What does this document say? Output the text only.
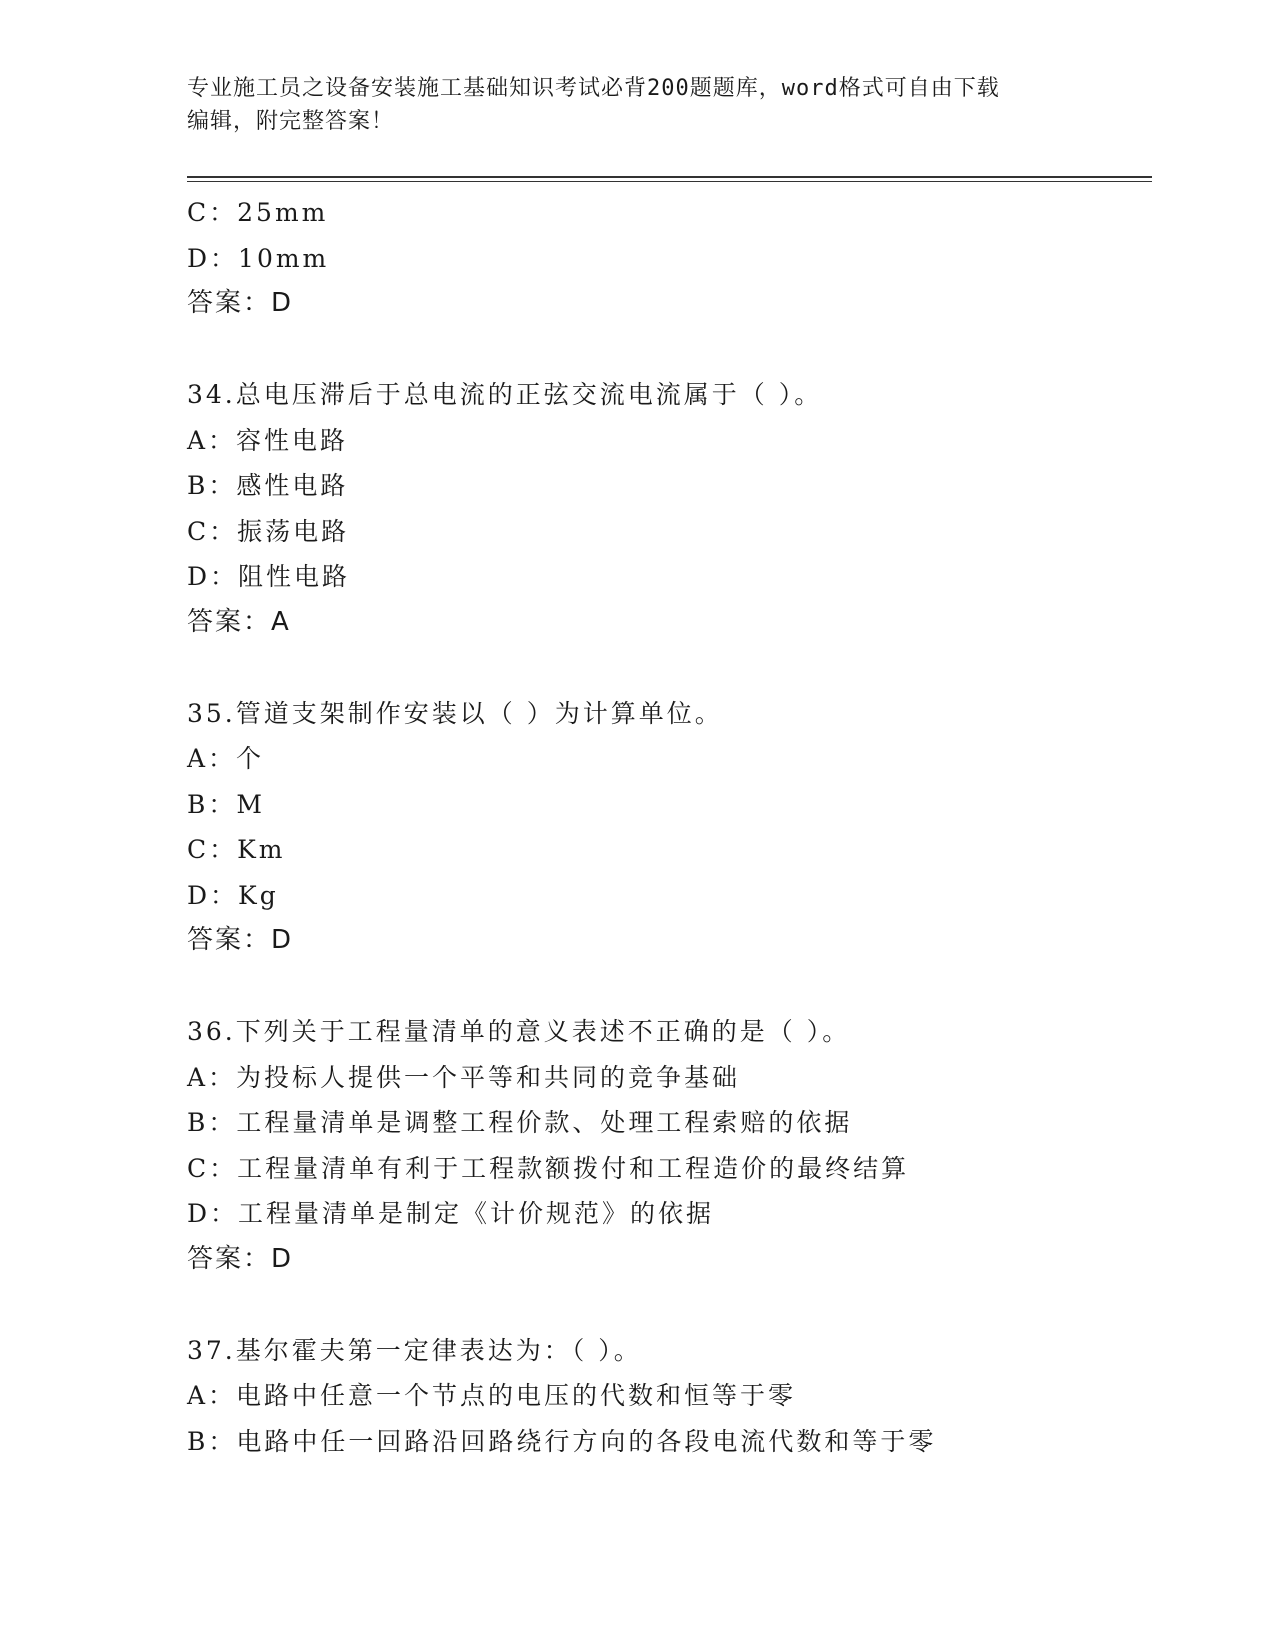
专业施工员之设备安装施工基础知识考试必背200题题库，word格式可自由下载
编辑，附完整答案！
C：25mm
D：10mm
答案：D
34.总电压滞后于总电流的正弦交流电流属于（ ）。
A：容性电路
B：感性电路
C：振荡电路
D：阻性电路
答案：A
35.管道支架制作安装以（ ）为计算单位。
A：个
B：M
C：Km
D：Kg
答案：D
36.下列关于工程量清单的意义表述不正确的是（ ）。
A：为投标人提供一个平等和共同的竞争基础
B：工程量清单是调整工程价款、处理工程索赔的依据
C：工程量清单有利于工程款额拨付和工程造价的最终结算
D：工程量清单是制定《计价规范》的依据
答案：D
37.基尔霍夫第一定律表达为：（ ）。
A：电路中任意一个节点的电压的代数和恒等于零
B：电路中任一回路沿回路绕行方向的各段电流代数和等于零
